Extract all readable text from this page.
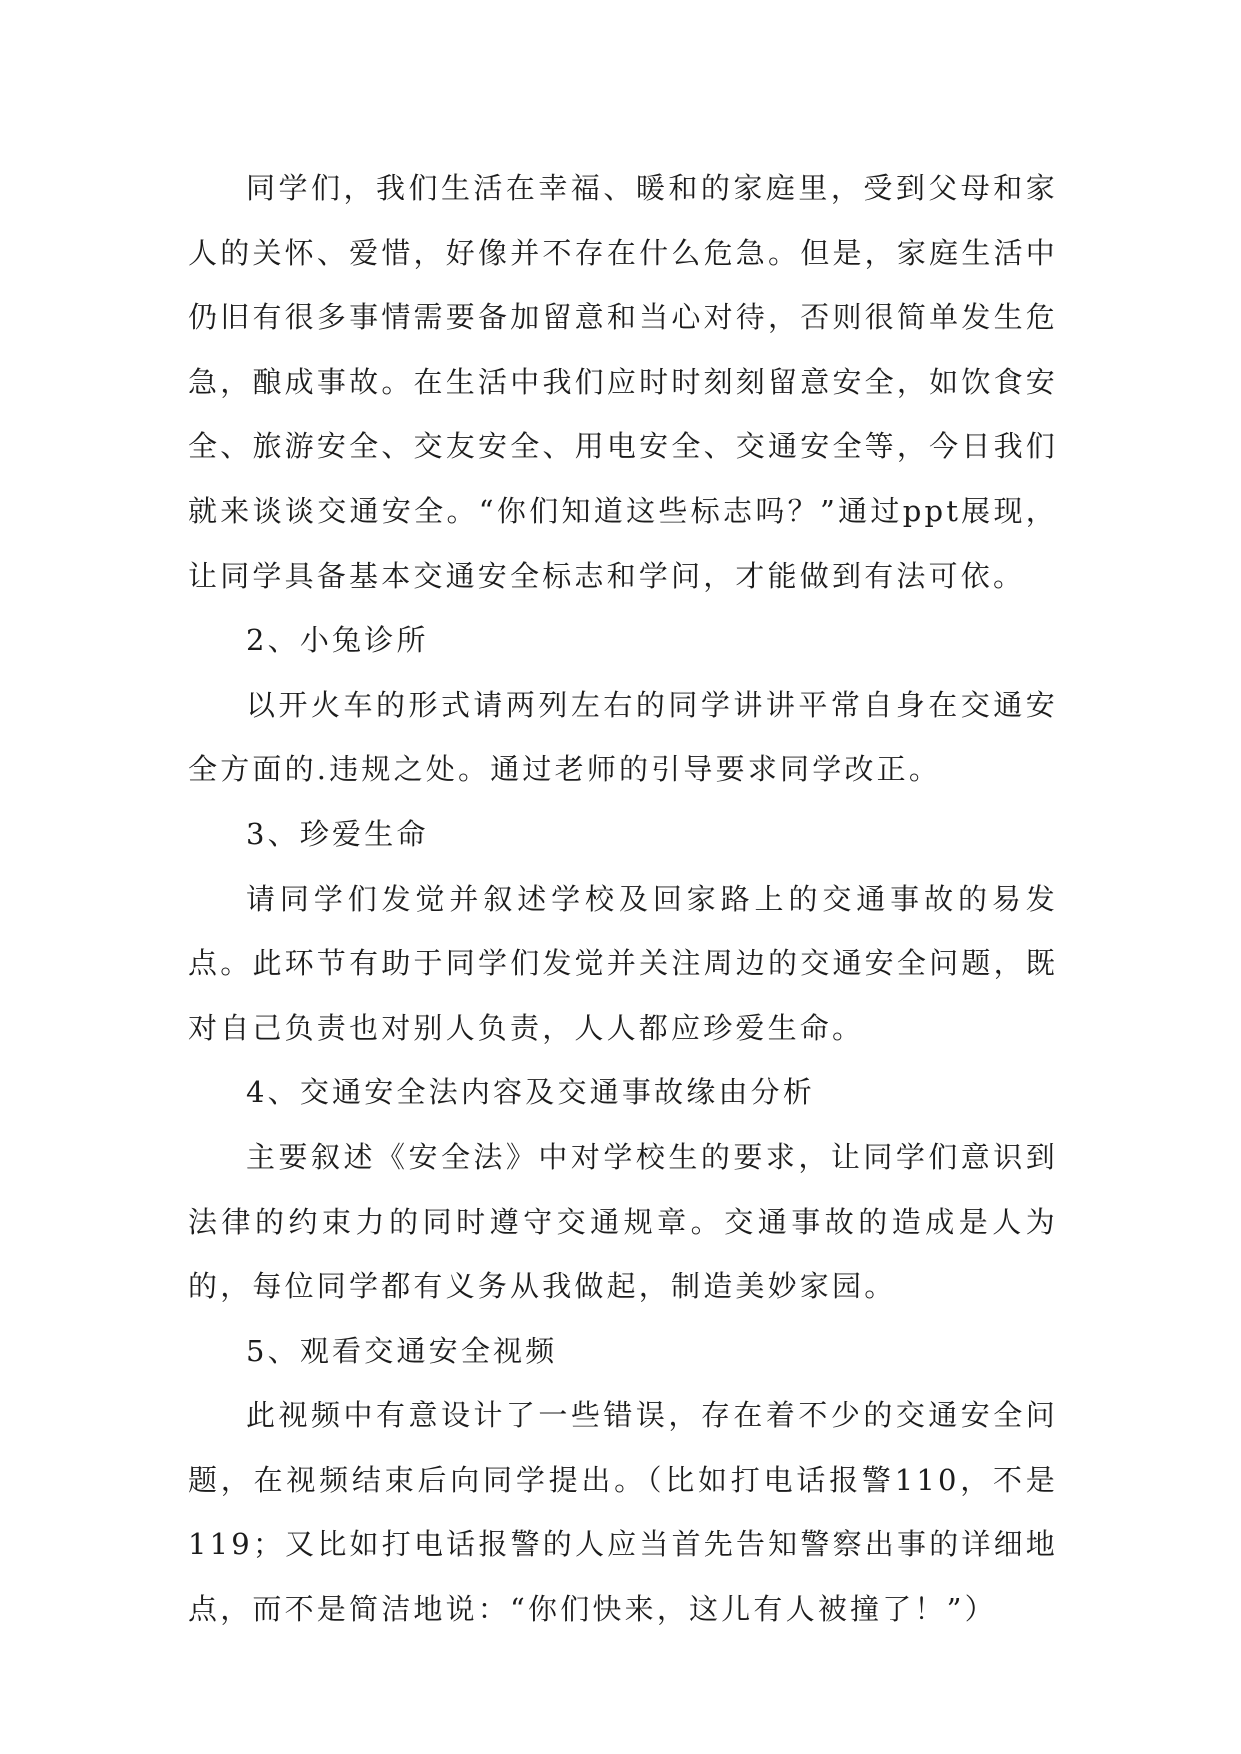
同学们，我们生活在幸福、暖和的家庭里，受到父母和家人的关怀、爱惜，好像并不存在什么危急。但是，家庭生活中仍旧有很多事情需要备加留意和当心对待，否则很简单发生危急，酿成事故。在生活中我们应时时刻刻留意安全，如饮食安全、旅游安全、交友安全、用电安全、交通安全等，今日我们就来谈谈交通安全。“你们知道这些标志吗？”通过ppt展现，让同学具备基本交通安全标志和学问，才能做到有法可依。

2、小兔诊所

以开火车的形式请两列左右的同学讲讲平常自身在交通安全方面的.违规之处。通过老师的引导要求同学改正。

3、珍爱生命

请同学们发觉并叙述学校及回家路上的交通事故的易发点。此环节有助于同学们发觉并关注周边的交通安全问题，既对自己负责也对别人负责，人人都应珍爱生命。

4、交通安全法内容及交通事故缘由分析

主要叙述《安全法》中对学校生的要求，让同学们意识到法律的约束力的同时遵守交通规章。交通事故的造成是人为的，每位同学都有义务从我做起，制造美妙家园。

5、观看交通安全视频

此视频中有意设计了一些错误，存在着不少的交通安全问题，在视频结束后向同学提出。（比如打电话报警110，不是119；又比如打电话报警的人应当首先告知警察出事的详细地点，而不是简洁地说：“你们快来，这儿有人被撞了！”）
